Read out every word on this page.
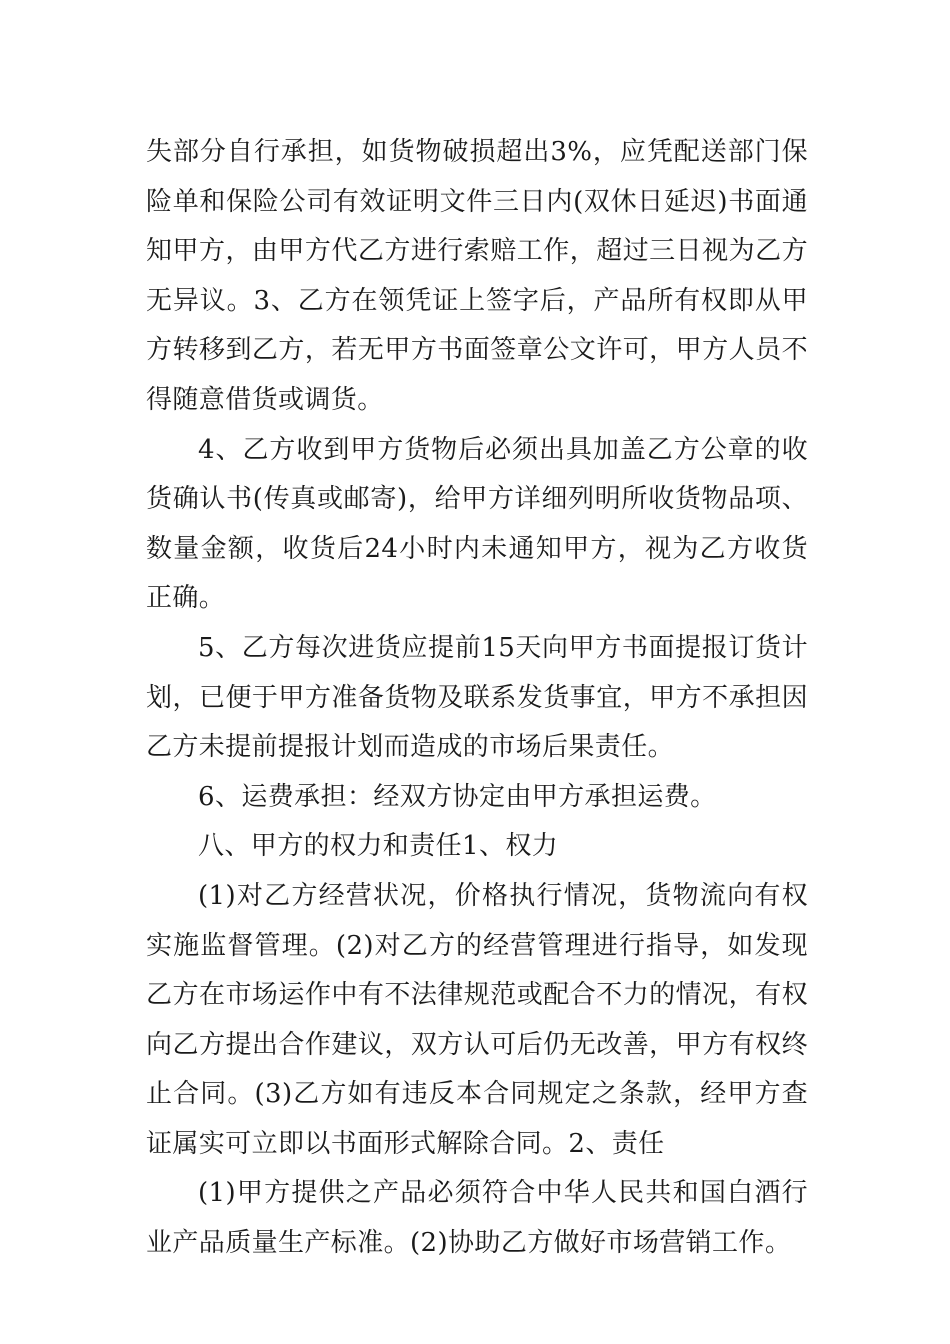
失部分自行承担，如货物破损超出3%，应凭配送部门保险单和保险公司有效证明文件三日内(双休日延迟)书面通知甲方，由甲方代乙方进行索赔工作，超过三日视为乙方无异议。3、乙方在领凭证上签字后，产品所有权即从甲方转移到乙方，若无甲方书面签章公文许可，甲方人员不得随意借货或调货。

4、乙方收到甲方货物后必须出具加盖乙方公章的收货确认书(传真或邮寄)，给甲方详细列明所收货物品项、数量金额，收货后24小时内未通知甲方，视为乙方收货正确。

5、乙方每次进货应提前15天向甲方书面提报订货计划，已便于甲方准备货物及联系发货事宜，甲方不承担因乙方未提前提报计划而造成的市场后果责任。

6、运费承担：经双方协定由甲方承担运费。

八、甲方的权力和责任1、权力

(1)对乙方经营状况，价格执行情况，货物流向有权实施监督管理。(2)对乙方的经营管理进行指导，如发现乙方在市场运作中有不法律规范或配合不力的情况，有权向乙方提出合作建议，双方认可后仍无改善，甲方有权终止合同。(3)乙方如有违反本合同规定之条款，经甲方查证属实可立即以书面形式解除合同。2、责任

(1)甲方提供之产品必须符合中华人民共和国白酒行业产品质量生产标准。(2)协助乙方做好市场营销工作。
